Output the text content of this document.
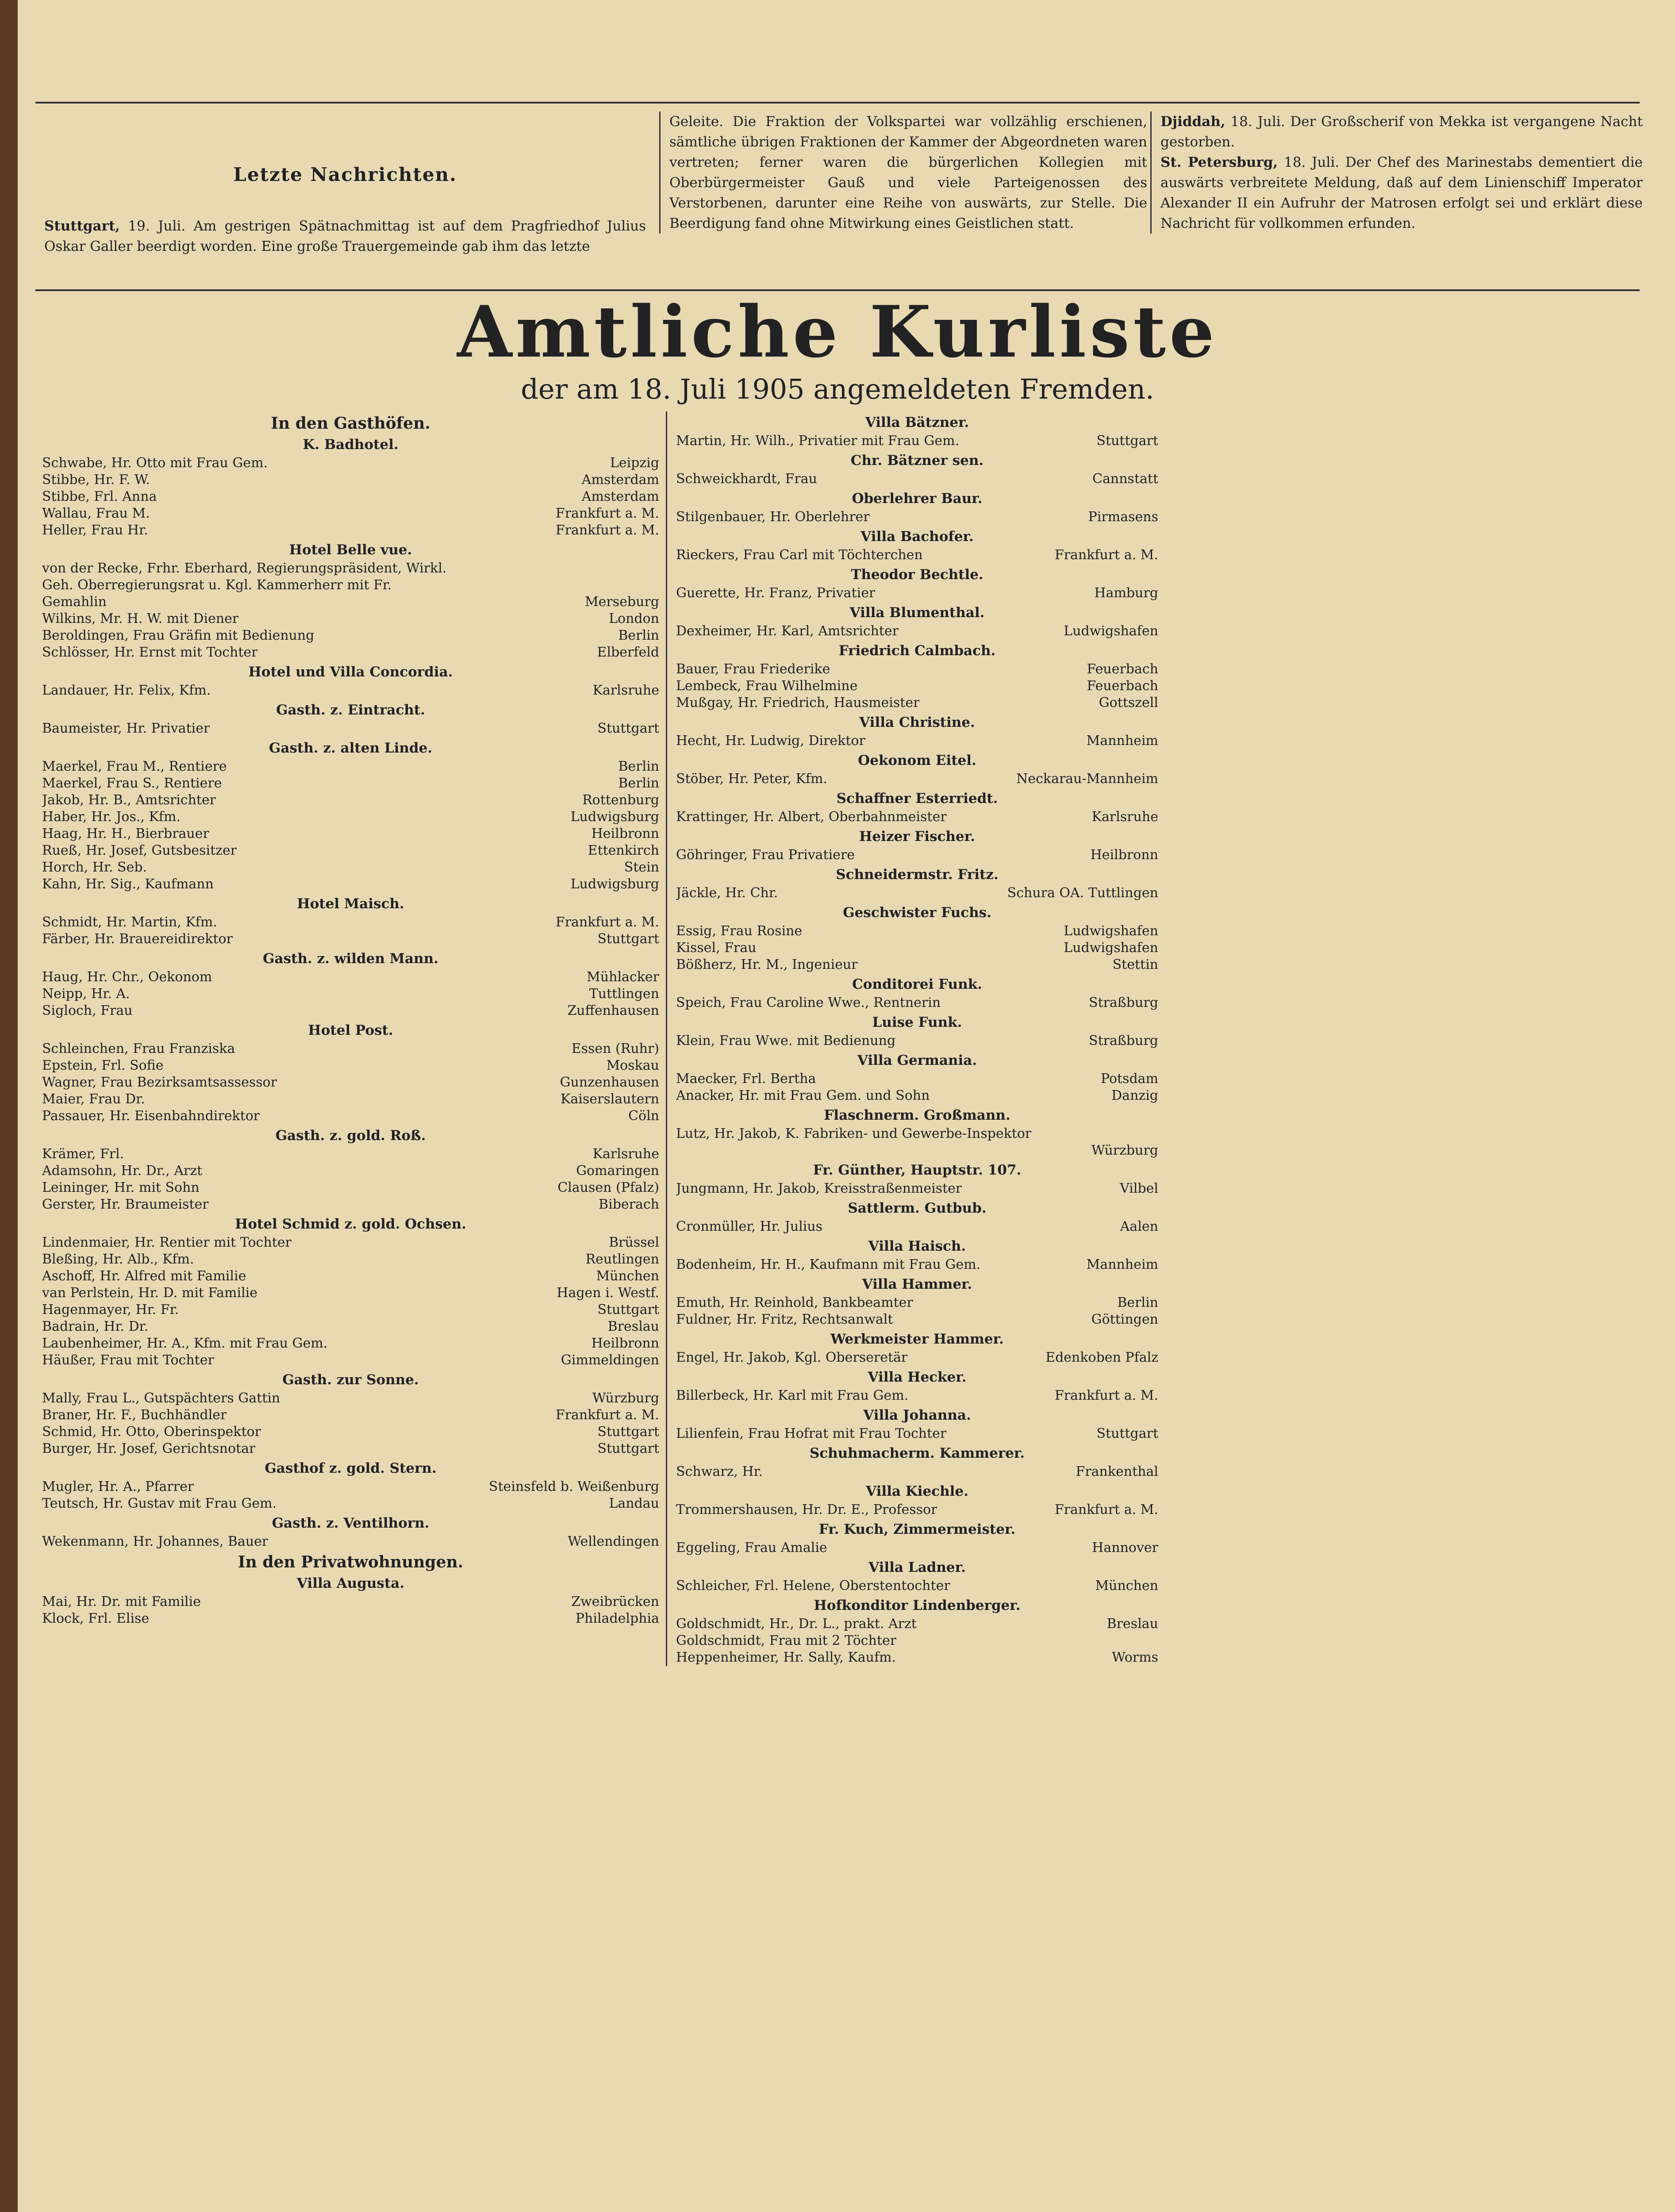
Letzte Nachrichten.
Stuttgart, 19. Juli. Am gestrigen Spätnachmittag ist auf dem Pragfriedhof Julius Oskar Galler beerdigt worden. Eine große Trauergemeinde gab ihm das letzte
Geleite. Die Fraktion der Volkspartei war vollzählig erschienen, sämtliche übrigen Fraktionen der Kammer der Abgeordneten waren vertreten; ferner waren die bürgerlichen Kollegien mit Oberbürgermeister Gauß und viele Parteigenossen des Verstorbenen, darunter eine Reihe von auswärts, zur Stelle. Die Beerdigung fand ohne Mitwirkung eines Geistlichen statt.
Djiddah, 18. Juli. Der Großscherif von Mekka ist vergangene Nacht gestorben.
St. Petersburg, 18. Juli. Der Chef des Marinestabs dementiert die auswärts verbreitete Meldung, daß auf dem Linienschiff Imperator Alexander II ein Aufruhr der Matrosen erfolgt sei und erklärt diese Nachricht für vollkommen erfunden.
Amtliche Kurliste
der am 18. Juli 1905 angemeldeten Fremden.
In den Gasthöfen.
K. Badhotel.
Schwabe, Hr. Otto mit Frau Gem.	Leipzig
Stibbe, Hr. F. W.	Amsterdam
Stibbe, Frl. Anna	Amsterdam
Wallau, Frau M.	Frankfurt a. M.
Heller, Frau Hr.	Frankfurt a. M.
Hotel Belle vue.
von der Recke, Frhr. Eberhard, Regierungspräsident, Wirkl.
Geh. Oberregierungsrat u. Kgl. Kammerherr mit Fr.
Gemahlin	Merseburg
Wilkins, Mr. H. W. mit Diener	London
Beroldingen, Frau Gräfin mit Bedienung	Berlin
Schlösser, Hr. Ernst mit Tochter	Elberfeld
Hotel und Villa Concordia.
Landauer, Hr. Felix, Kfm.	Karlsruhe
Gasth. z. Eintracht.
Baumeister, Hr. Privatier	Stuttgart
Gasth. z. alten Linde.
Maerkel, Frau M., Rentiere	Berlin
Maerkel, Frau S., Rentiere	Berlin
Jakob, Hr. B., Amtsrichter	Rottenburg
Haber, Hr. Jos., Kfm.	Ludwigsburg
Haag, Hr. H., Bierbrauer	Heilbronn
Rueß, Hr. Josef, Gutsbesitzer	Ettenkirch
Horch, Hr. Seb.	Stein
Kahn, Hr. Sig., Kaufmann	Ludwigsburg
Hotel Maisch.
Schmidt, Hr. Martin, Kfm.	Frankfurt a. M.
Färber, Hr. Brauereidirektor	Stuttgart
Gasth. z. wilden Mann.
Haug, Hr. Chr., Oekonom	Mühlacker
Neipp, Hr. A.	Tuttlingen
Sigloch, Frau	Zuffenhausen
Hotel Post.
Schleinchen, Frau Franziska	Essen (Ruhr)
Epstein, Frl. Sofie	Moskau
Wagner, Frau Bezirksamtsassessor	Gunzenhausen
Maier, Frau Dr.	Kaiserslautern
Passauer, Hr. Eisenbahndirektor	Cöln
Gasth. z. gold. Roß.
Krämer, Frl.	Karlsruhe
Adamsohn, Hr. Dr., Arzt	Gomaringen
Leininger, Hr. mit Sohn	Clausen (Pfalz)
Gerster, Hr. Braumeister	Biberach
Hotel Schmid z. gold. Ochsen.
Lindenmaier, Hr. Rentier mit Tochter	Brüssel
Bleßing, Hr. Alb., Kfm.	Reutlingen
Aschoff, Hr. Alfred mit Familie	München
van Perlstein, Hr. D. mit Familie	Hagen i. Westf.
Hagenmayer, Hr. Fr.	Stuttgart
Badrain, Hr. Dr.	Breslau
Laubenheimer, Hr. A., Kfm. mit Frau Gem.	Heilbronn
Häußer, Frau mit Tochter	Gimmeldingen
Gasth. zur Sonne.
Mally, Frau L., Gutspächters Gattin	Würzburg
Braner, Hr. F., Buchhändler	Frankfurt a. M.
Schmid, Hr. Otto, Oberinspektor	Stuttgart
Burger, Hr. Josef, Gerichtsnotar	Stuttgart
Gasthof z. gold. Stern.
Mugler, Hr. A., Pfarrer	Steinsfeld b. Weißenburg
Teutsch, Hr. Gustav mit Frau Gem.	Landau
Gasth. z. Ventilhorn.
Wekenmann, Hr. Johannes, Bauer	Wellendingen
In den Privatwohnungen.
Villa Augusta.
Mai, Hr. Dr. mit Familie	Zweibrücken
Klock, Frl. Elise	Philadelphia
Villa Bätzner.
Martin, Hr. Wilh., Privatier mit Frau Gem.	Stuttgart
Chr. Bätzner sen.
Schweickhardt, Frau	Cannstatt
Oberlehrer Baur.
Stilgenbauer, Hr. Oberlehrer	Pirmasens
Villa Bachofer.
Rieckers, Frau Carl mit Töchterchen	Frankfurt a. M.
Theodor Bechtle.
Guerette, Hr. Franz, Privatier	Hamburg
Villa Blumenthal.
Dexheimer, Hr. Karl, Amtsrichter	Ludwigshafen
Friedrich Calmbach.
Bauer, Frau Friederike	Feuerbach
Lembeck, Frau Wilhelmine	Feuerbach
Mußgay, Hr. Friedrich, Hausmeister	Gottszell
Villa Christine.
Hecht, Hr. Ludwig, Direktor	Mannheim
Oekonom Eitel.
Stöber, Hr. Peter, Kfm.	Neckarau-Mannheim
Schaffner Esterriedt.
Krattinger, Hr. Albert, Oberbahnmeister	Karlsruhe
Heizer Fischer.
Göhringer, Frau Privatiere	Heilbronn
Schneidermstr. Fritz.
Jäckle, Hr. Chr.	Schura OA. Tuttlingen
Geschwister Fuchs.
Essig, Frau Rosine	Ludwigshafen
Kissel, Frau	Ludwigshafen
Bößherz, Hr. M., Ingenieur	Stettin
Conditorei Funk.
Speich, Frau Caroline Wwe., Rentnerin	Straßburg
Luise Funk.
Klein, Frau Wwe. mit Bedienung	Straßburg
Villa Germania.
Maecker, Frl. Bertha	Potsdam
Anacker, Hr. mit Frau Gem. und Sohn	Danzig
Flaschnerm. Großmann.
Lutz, Hr. Jakob, K. Fabriken- und Gewerbe-Inspektor
Würzburg
Fr. Günther, Hauptstr. 107.
Jungmann, Hr. Jakob, Kreisstraßenmeister	Vilbel
Sattlerm. Gutbub.
Cronmüller, Hr. Julius	Aalen
Villa Haisch.
Bodenheim, Hr. H., Kaufmann mit Frau Gem.	Mannheim
Villa Hammer.
Emuth, Hr. Reinhold, Bankbeamter	Berlin
Fuldner, Hr. Fritz, Rechtsanwalt	Göttingen
Werkmeister Hammer.
Engel, Hr. Jakob, Kgl. Oberseretär	Edenkoben Pfalz
Villa Hecker.
Billerbeck, Hr. Karl mit Frau Gem.	Frankfurt a. M.
Villa Johanna.
Lilienfein, Frau Hofrat mit Frau Tochter	Stuttgart
Schuhmacherm. Kammerer.
Schwarz, Hr.	Frankenthal
Villa Kiechle.
Trommershausen, Hr. Dr. E., Professor	Frankfurt a. M.
Fr. Kuch, Zimmermeister.
Eggeling, Frau Amalie	Hannover
Villa Ladner.
Schleicher, Frl. Helene, Oberstentochter	München
Hofkonditor Lindenberger.
Goldschmidt, Hr., Dr. L., prakt. Arzt	Breslau
Goldschmidt, Frau mit 2 Töchter
Heppenheimer, Hr. Sally, Kaufm.	Worms
